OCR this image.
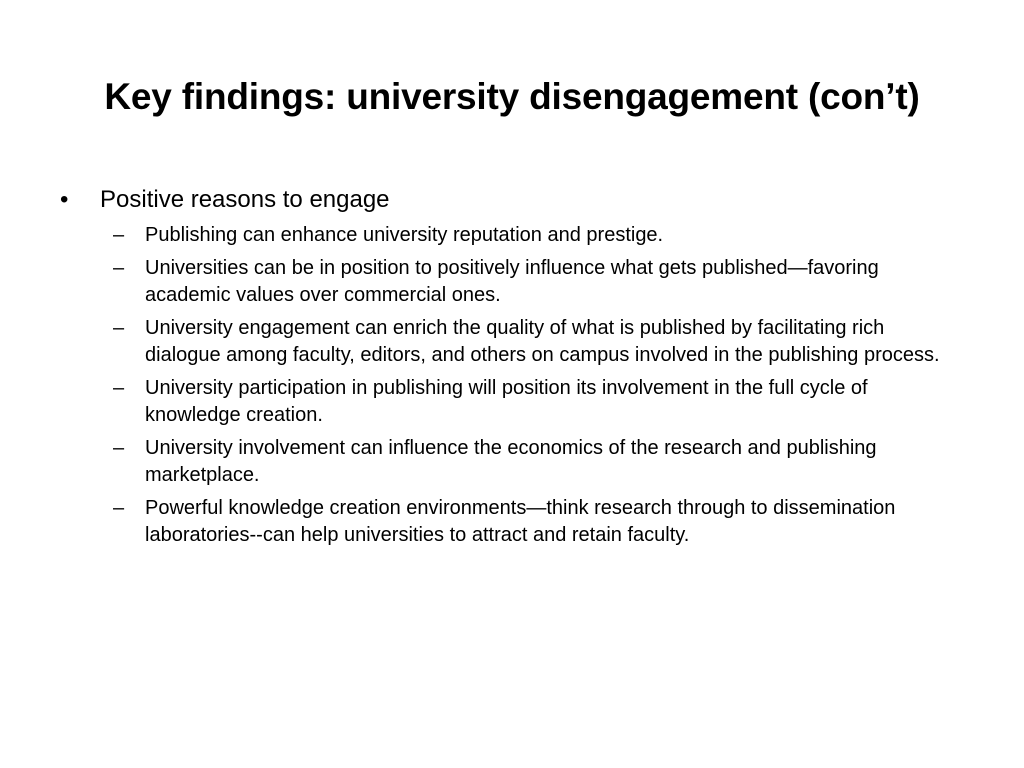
Key findings: university disengagement (con’t)
•	Positive reasons to engage
–	Publishing can enhance university reputation and prestige.
–	Universities can be in position to positively influence what gets published—favoring academic values over commercial ones.
–	University engagement can enrich the quality of what is published by facilitating rich dialogue among faculty, editors, and others on campus involved in the publishing process.
–	University participation in publishing will position its involvement in the full cycle of knowledge creation.
–	University involvement can influence the economics of the research and publishing marketplace.
–	Powerful knowledge creation environments—think research through to dissemination laboratories--can help universities to attract and retain faculty.
